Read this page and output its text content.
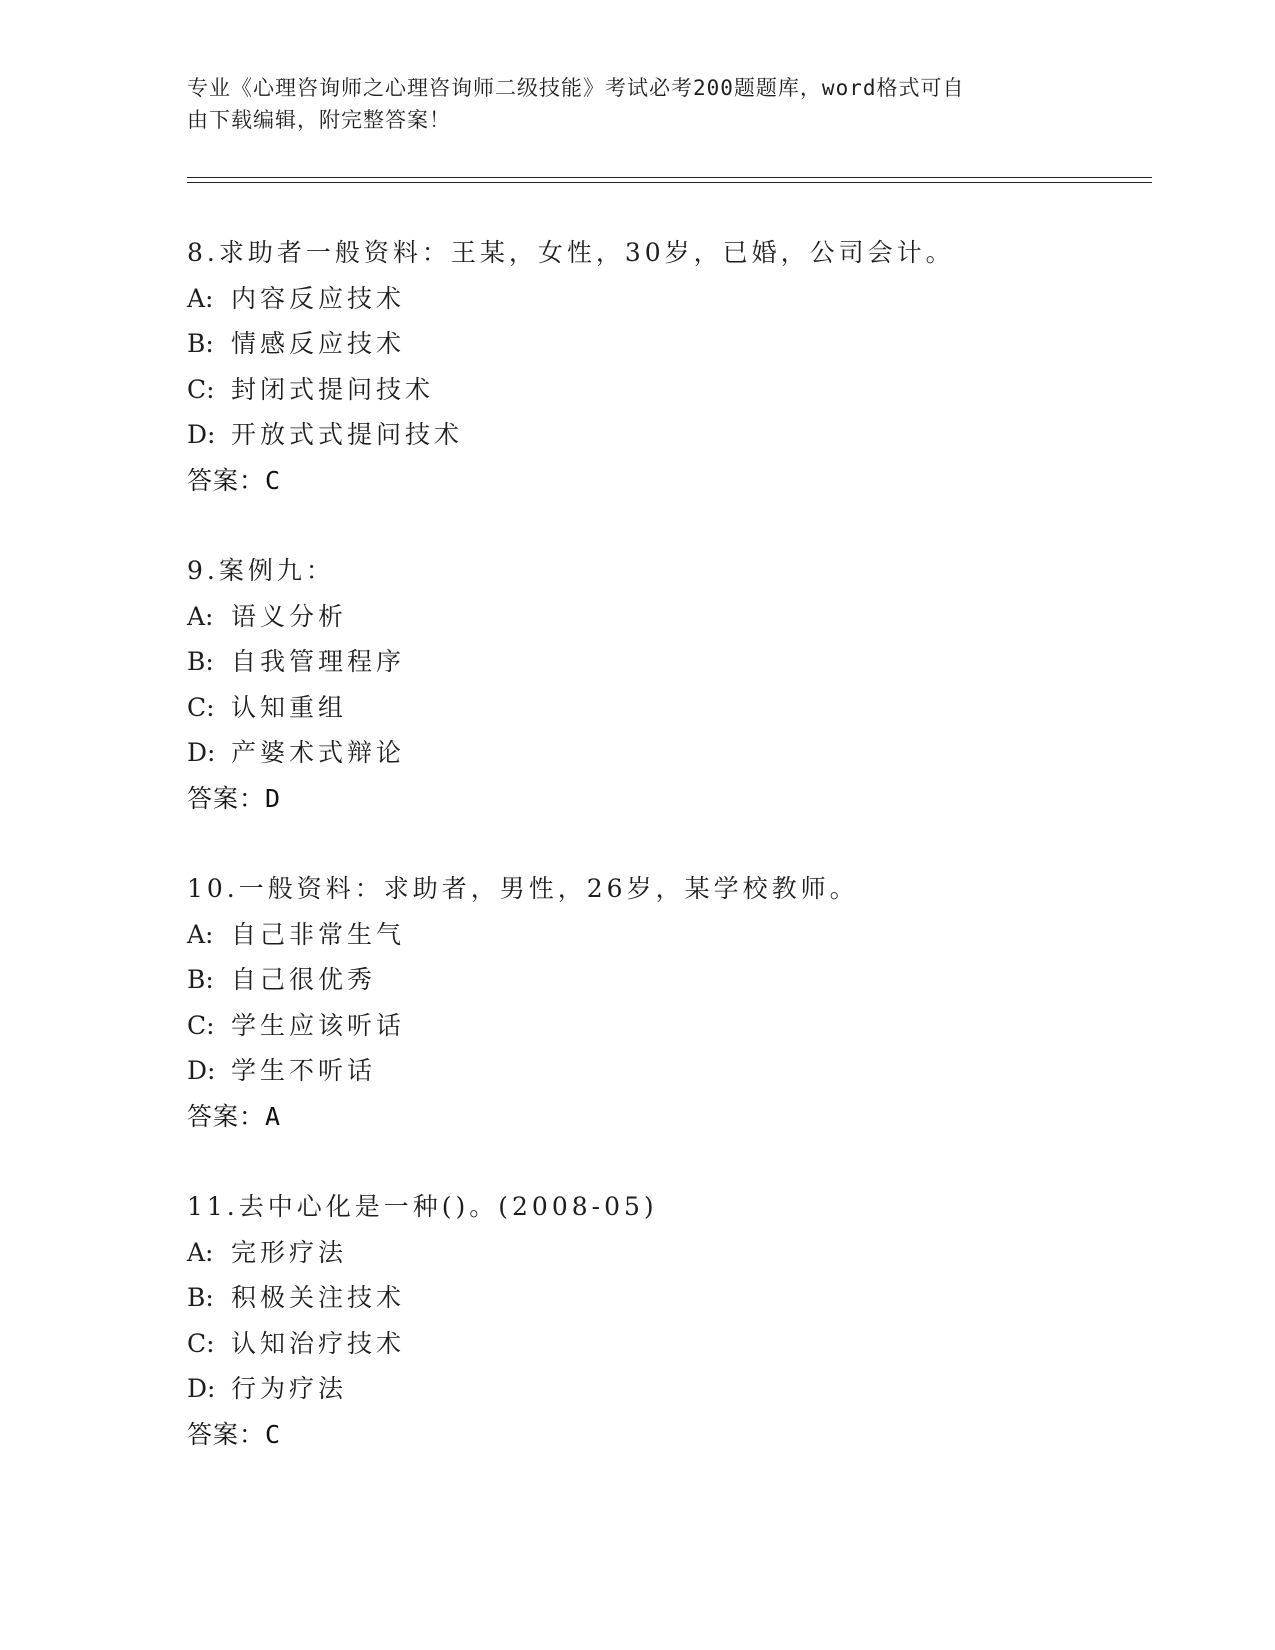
专业《心理咨询师之心理咨询师二级技能》考试必考200题题库，word格式可自
由下载编辑，附完整答案！
8.求助者一般资料：王某，女性，30岁，已婚，公司会计。
A: 内容反应技术
B: 情感反应技术
C: 封闭式提问技术
D: 开放式式提问技术
答案：C
9.案例九：
A: 语义分析
B: 自我管理程序
C: 认知重组
D: 产婆术式辩论
答案：D
10.一般资料：求助者，男性，26岁，某学校教师。
A: 自己非常生气
B: 自己很优秀
C: 学生应该听话
D: 学生不听话
答案：A
11.去中心化是一种()。(2008-05)
A: 完形疗法
B: 积极关注技术
C: 认知治疗技术
D: 行为疗法
答案：C
